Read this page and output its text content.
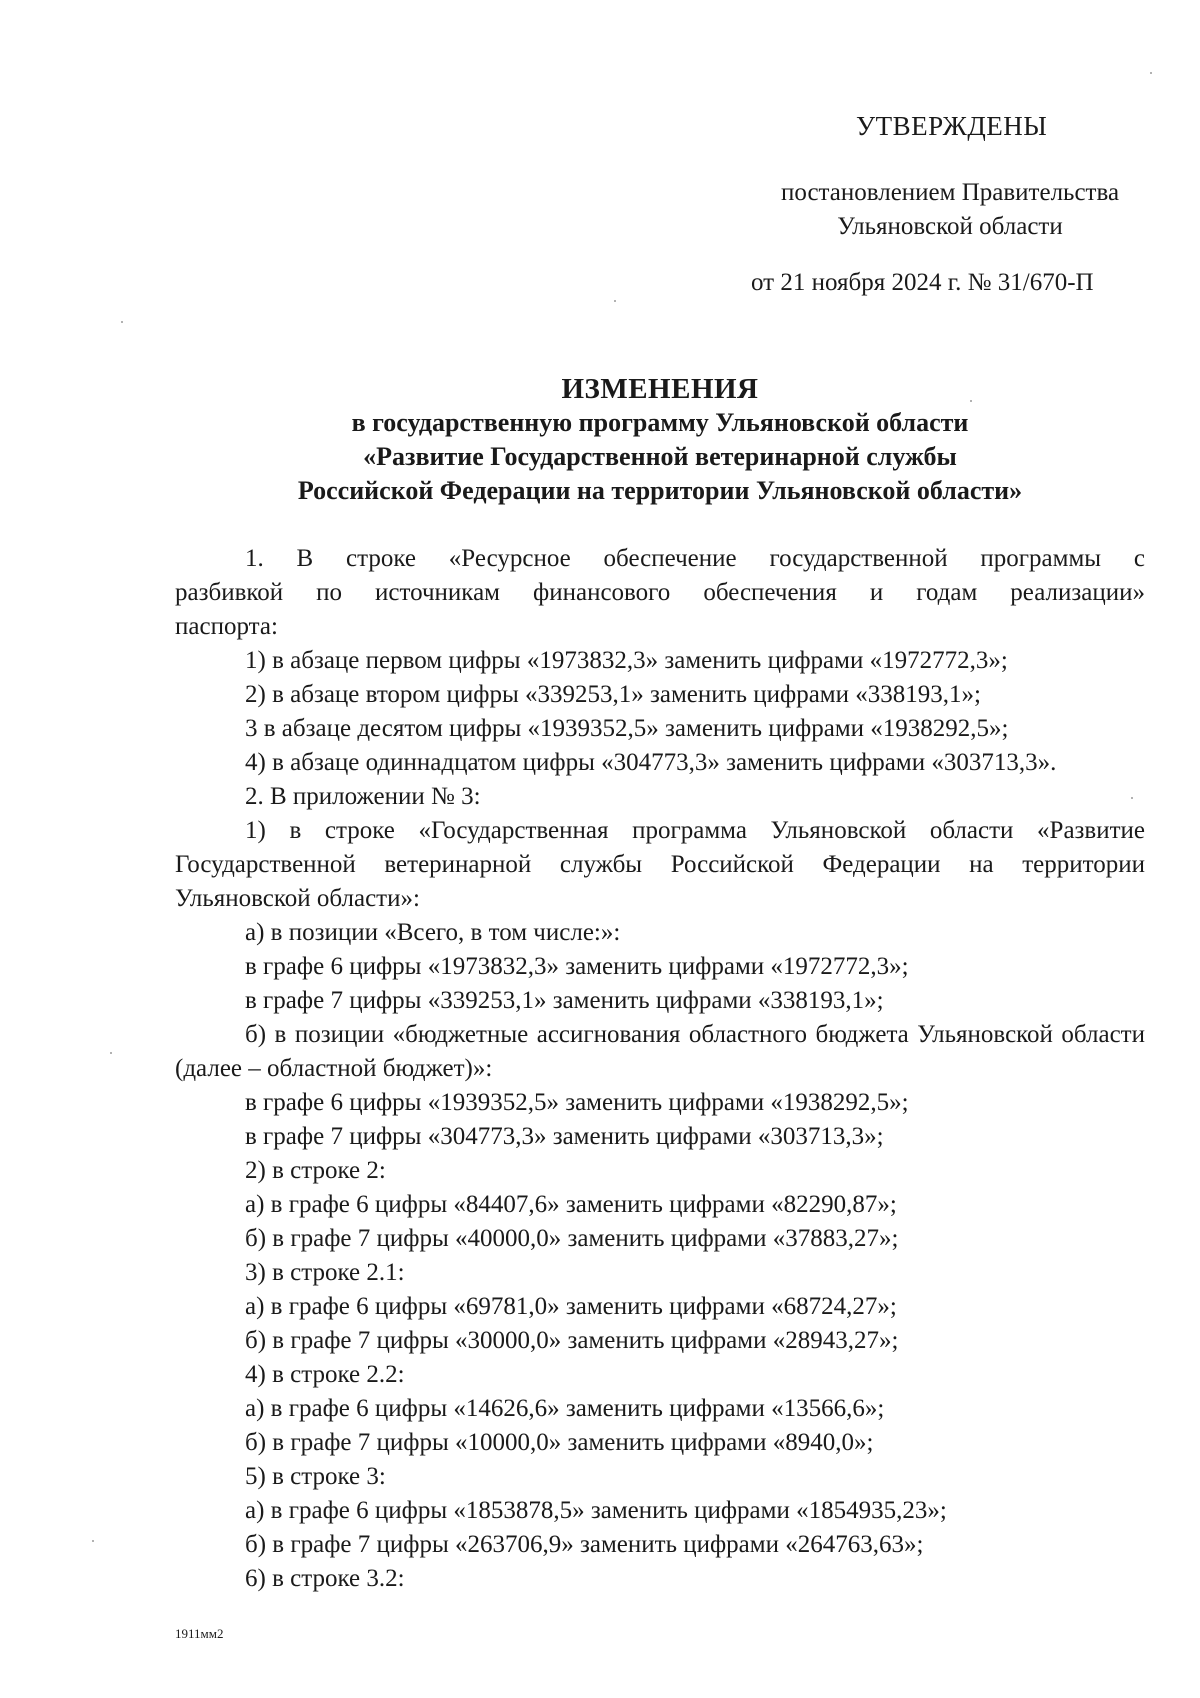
УТВЕРЖДЕНЫ
постановлением Правительства
Ульяновской области
от 21 ноября 2024 г. № 31/670-П
ИЗМЕНЕНИЯ
в государственную программу Ульяновской области
«Развитие Государственной ветеринарной службы
Российской Федерации на территории Ульяновской области»

1. В строке «Ресурсное обеспечение государственной программы с разбивкой по источникам финансового обеспечения и годам реализации» паспорта:

1) в абзаце первом цифры «1973832,3» заменить цифрами «1972772,3»;

2) в абзаце втором цифры «339253,1» заменить цифрами «338193,1»;

3 в абзаце десятом цифры «1939352,5» заменить цифрами «1938292,5»;

4) в абзаце одиннадцатом цифры «304773,3» заменить цифрами «303713,3».

2. В приложении № 3:

1) в строке «Государственная программа Ульяновской области «Развитие Государственной ветеринарной службы Российской Федерации на территории Ульяновской области»:

а) в позиции «Всего, в том числе:»:

в графе 6 цифры «1973832,3» заменить цифрами «1972772,3»;

в графе 7 цифры «339253,1» заменить цифрами «338193,1»;

б) в позиции «бюджетные ассигнования областного бюджета Ульяновской области (далее – областной бюджет)»:

в графе 6 цифры «1939352,5» заменить цифрами «1938292,5»;

в графе 7 цифры «304773,3» заменить цифрами «303713,3»;

2) в строке 2:

а) в графе 6 цифры «84407,6» заменить цифрами «82290,87»;

б) в графе 7 цифры «40000,0» заменить цифрами «37883,27»;

3) в строке 2.1:

а) в графе 6 цифры «69781,0» заменить цифрами «68724,27»;

б) в графе 7 цифры «30000,0» заменить цифрами «28943,27»;

4) в строке 2.2:

а) в графе 6 цифры «14626,6» заменить цифрами «13566,6»;

б) в графе 7 цифры «10000,0» заменить цифрами «8940,0»;

5) в строке 3:

а) в графе 6 цифры «1853878,5» заменить цифрами «1854935,23»;

б) в графе 7 цифры «263706,9» заменить цифрами «264763,63»;

6) в строке 3.2:

1911мм2
